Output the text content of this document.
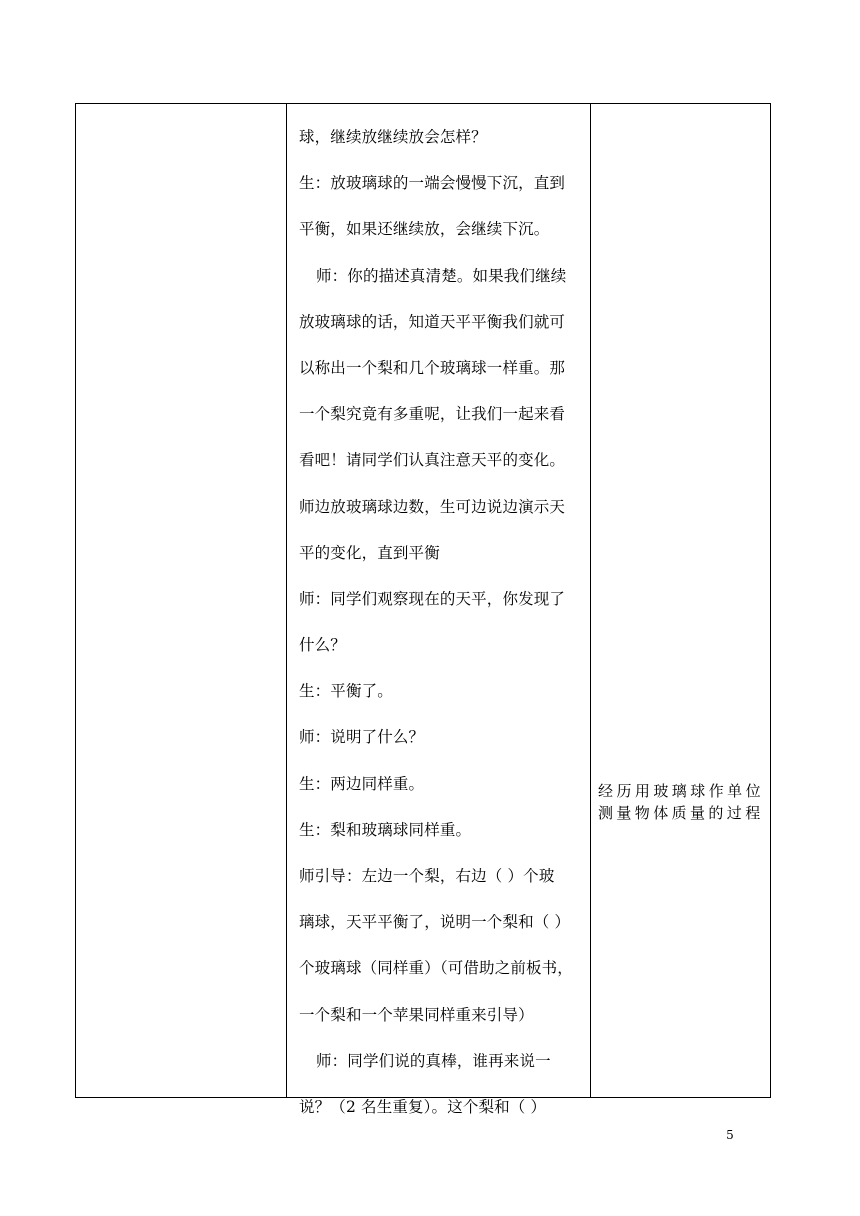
球，继续放继续放会怎样？
生：放玻璃球的一端会慢慢下沉，直到
平衡，如果还继续放，会继续下沉。
师：你的描述真清楚。如果我们继续
放玻璃球的话，知道天平平衡我们就可
以称出一个梨和几个玻璃球一样重。那
一个梨究竟有多重呢，让我们一起来看
看吧！请同学们认真注意天平的变化。
师边放玻璃球边数，生可边说边演示天
平的变化，直到平衡
师：同学们观察现在的天平，你发现了
什么？
生：平衡了。
师：说明了什么？
生：两边同样重。
生：梨和玻璃球同样重。
师引导：左边一个梨，右边（ ）个玻
璃球，天平平衡了，说明一个梨和（ ）
个玻璃球（同样重）（可借助之前板书，
一个梨和一个苹果同样重来引导）
师：同学们说的真棒，谁再来说一
说？（2 名生重复）。这个梨和（ ）
经历用玻璃球作单位测量物体质量的过程
5
